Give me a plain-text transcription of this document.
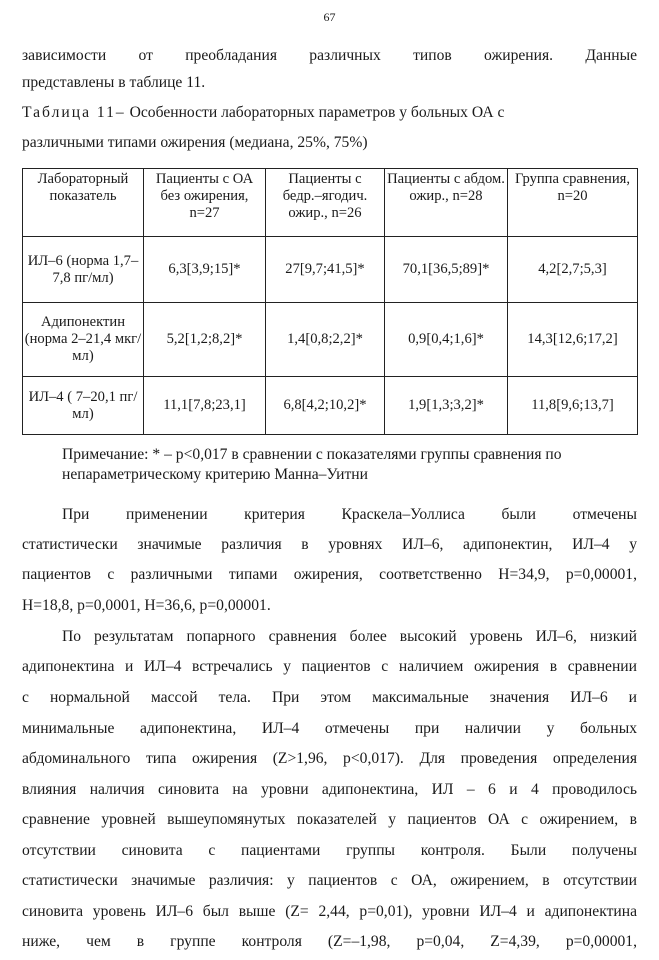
67
зависимости от преобладания различных типов ожирения. Данные
представлены в таблице 11.
Таблица 11– Особенности лабораторных параметров у больных ОА с
различными типами ожирения (медиана, 25%, 75%)
Лабораторный показатель	Пациенты с ОА без ожирения, n=27	Пациенты с бедр.–ягодич. ожир., n=26	Пациенты с абдом. ожир., n=28	Группа сравнения, n=20
ИЛ–6 (норма 1,7–7,8 пг/мл)	6,3[3,9;15]*	27[9,7;41,5]*	70,1[36,5;89]*	4,2[2,7;5,3]
Адипонектин (норма 2–21,4 мкг/мл)	5,2[1,2;8,2]*	1,4[0,8;2,2]*	0,9[0,4;1,6]*	14,3[12,6;17,2]
ИЛ–4 ( 7–20,1 пг/мл)	11,1[7,8;23,1]	6,8[4,2;10,2]*	1,9[1,3;3,2]*	11,8[9,6;13,7]
Примечание: * – p<0,017 в сравнении с показателями группы сравнения по непараметрическому критерию Манна–Уитни
При применении критерия Краскела–Уоллиса были отмечены
статистически значимые различия в уровнях ИЛ–6, адипонектин, ИЛ–4 у
пациентов с различными типами ожирения, соответственно H=34,9, p=0,00001,
H=18,8, p=0,0001, H=36,6, p=0,00001.
По результатам попарного сравнения более высокий уровень ИЛ–6, низкий
адипонектина и ИЛ–4 встречались у пациентов с наличием ожирения в сравнении
с нормальной массой тела. При этом максимальные значения ИЛ–6 и
минимальные адипонектина, ИЛ–4 отмечены при наличии у больных
абдоминального типа ожирения (Z>1,96, p<0,017). Для проведения определения
влияния наличия синовита на уровни адипонектина, ИЛ – 6 и 4 проводилось
сравнение уровней вышеупомянутых показателей у пациентов ОА с ожирением, в
отсутствии синовита с пациентами группы контроля. Были получены
статистически значимые различия: у пациентов с ОА, ожирением, в отсутствии
синовита уровень ИЛ–6 был выше (Z= 2,44, p=0,01), уровни ИЛ–4 и адипонектина
ниже, чем в группе контроля (Z=–1,98, p=0,04, Z=4,39, p=0,00001,
